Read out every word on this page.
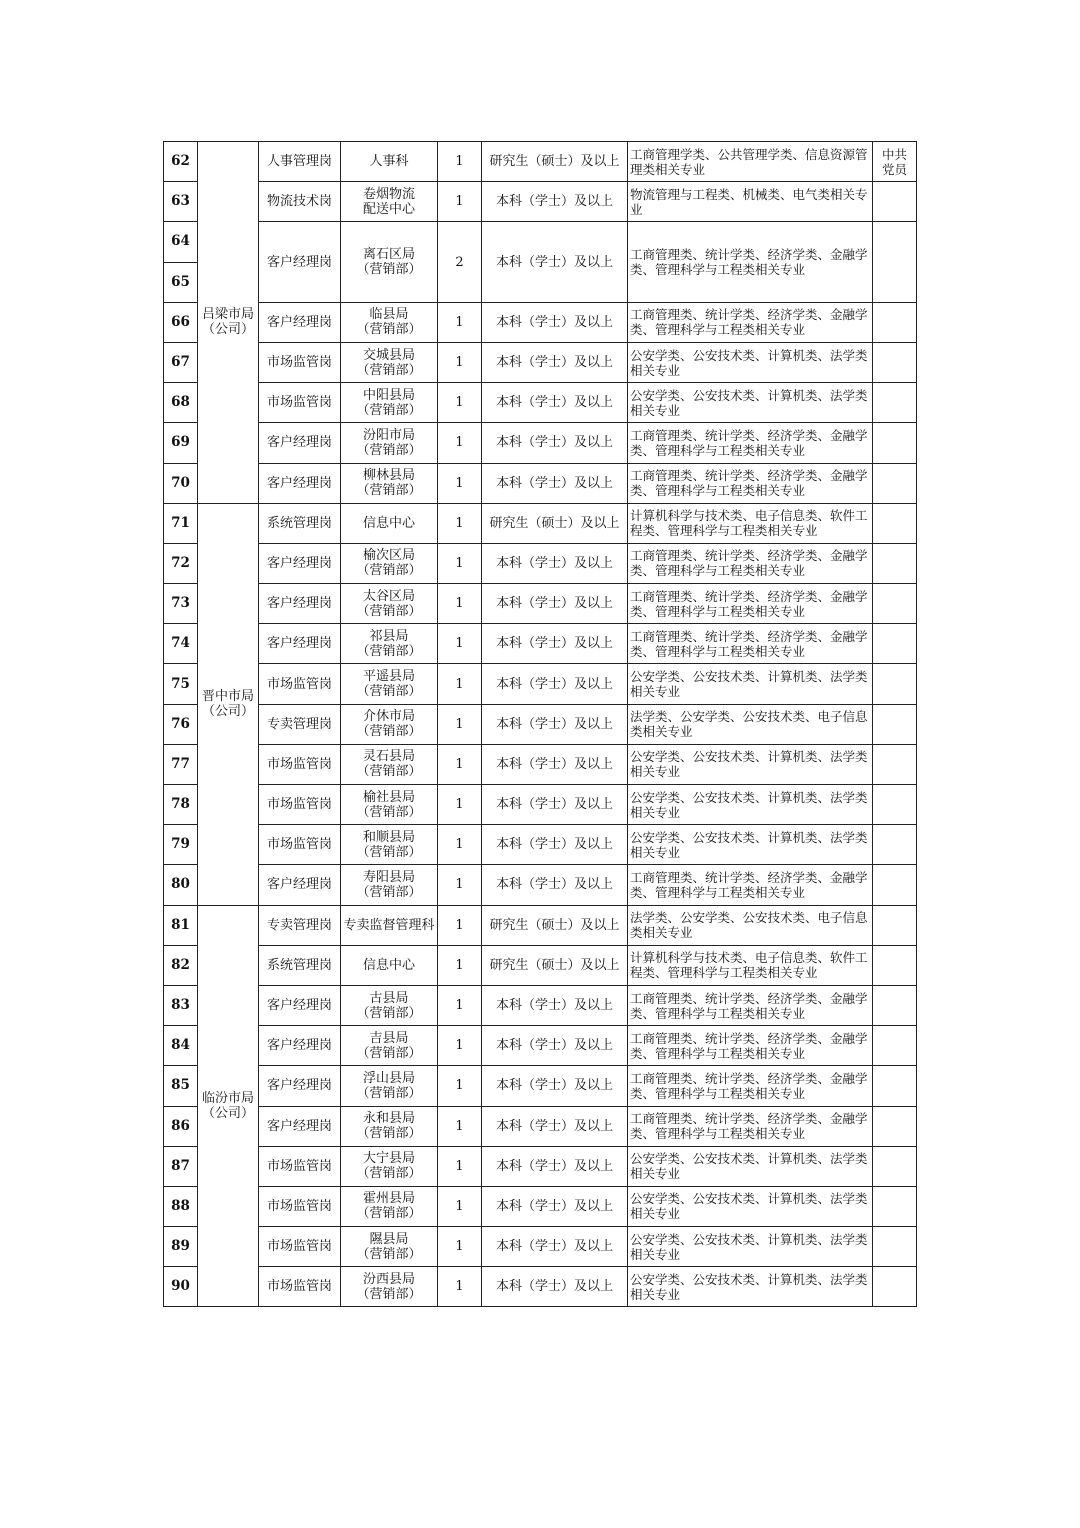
62	吕梁市局
（公司）	人事管理岗	人事科	1	研究生（硕士）及以上	工商管理学类、公共管理学类、信息资源管理类相关专业	中共
党员
63		物流技术岗	卷烟物流
配送中心	1	本科（学士）及以上	物流管理与工程类、机械类、电气类相关专业	
64		客户经理岗	离石区局
（营销部）	2	本科（学士）及以上	工商管理类、统计学类、经济学类、金融学类、管理科学与工程类相关专业	
65							
66		客户经理岗	临县局
（营销部）	1	本科（学士）及以上	工商管理类、统计学类、经济学类、金融学类、管理科学与工程类相关专业	
67		市场监管岗	交城县局
（营销部）	1	本科（学士）及以上	公安学类、公安技术类、计算机类、法学类相关专业	
68		市场监管岗	中阳县局
（营销部）	1	本科（学士）及以上	公安学类、公安技术类、计算机类、法学类相关专业	
69		客户经理岗	汾阳市局
（营销部）	1	本科（学士）及以上	工商管理类、统计学类、经济学类、金融学类、管理科学与工程类相关专业	
70		客户经理岗	柳林县局
（营销部）	1	本科（学士）及以上	工商管理类、统计学类、经济学类、金融学类、管理科学与工程类相关专业	
71	晋中市局
（公司）	系统管理岗	信息中心	1	研究生（硕士）及以上	计算机科学与技术类、电子信息类、软件工程类、管理科学与工程类相关专业	
72		客户经理岗	榆次区局
（营销部）	1	本科（学士）及以上	工商管理类、统计学类、经济学类、金融学类、管理科学与工程类相关专业	
73		客户经理岗	太谷区局
（营销部）	1	本科（学士）及以上	工商管理类、统计学类、经济学类、金融学类、管理科学与工程类相关专业	
74		客户经理岗	祁县局
（营销部）	1	本科（学士）及以上	工商管理类、统计学类、经济学类、金融学类、管理科学与工程类相关专业	
75		市场监管岗	平遥县局
（营销部）	1	本科（学士）及以上	公安学类、公安技术类、计算机类、法学类相关专业	
76		专卖管理岗	介休市局
（营销部）	1	本科（学士）及以上	法学类、公安学类、公安技术类、电子信息类相关专业	
77		市场监管岗	灵石县局
（营销部）	1	本科（学士）及以上	公安学类、公安技术类、计算机类、法学类相关专业	
78		市场监管岗	榆社县局
（营销部）	1	本科（学士）及以上	公安学类、公安技术类、计算机类、法学类相关专业	
79		市场监管岗	和顺县局
（营销部）	1	本科（学士）及以上	公安学类、公安技术类、计算机类、法学类相关专业	
80		客户经理岗	寿阳县局
（营销部）	1	本科（学士）及以上	工商管理类、统计学类、经济学类、金融学类、管理科学与工程类相关专业	
81	临汾市局
（公司）	专卖管理岗	专卖监督管理科	1	研究生（硕士）及以上	法学类、公安学类、公安技术类、电子信息类相关专业	
82		系统管理岗	信息中心	1	研究生（硕士）及以上	计算机科学与技术类、电子信息类、软件工程类、管理科学与工程类相关专业	
83		客户经理岗	古县局
（营销部）	1	本科（学士）及以上	工商管理类、统计学类、经济学类、金融学类、管理科学与工程类相关专业	
84		客户经理岗	吉县局
（营销部）	1	本科（学士）及以上	工商管理类、统计学类、经济学类、金融学类、管理科学与工程类相关专业	
85		客户经理岗	浮山县局
（营销部）	1	本科（学士）及以上	工商管理类、统计学类、经济学类、金融学类、管理科学与工程类相关专业	
86		客户经理岗	永和县局
（营销部）	1	本科（学士）及以上	工商管理类、统计学类、经济学类、金融学类、管理科学与工程类相关专业	
87		市场监管岗	大宁县局
（营销部）	1	本科（学士）及以上	公安学类、公安技术类、计算机类、法学类相关专业	
88		市场监管岗	霍州县局
（营销部）	1	本科（学士）及以上	公安学类、公安技术类、计算机类、法学类相关专业	
89		市场监管岗	隰县局
（营销部）	1	本科（学士）及以上	公安学类、公安技术类、计算机类、法学类相关专业	
90		市场监管岗	汾西县局
（营销部）	1	本科（学士）及以上	公安学类、公安技术类、计算机类、法学类相关专业	
